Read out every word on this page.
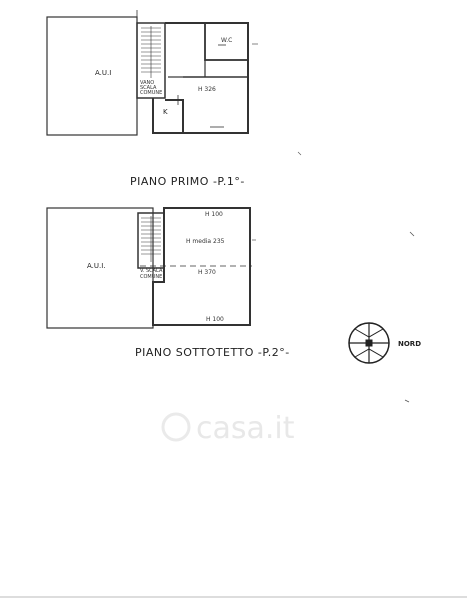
A.U.I
VANO
SCALA
COMUNE
W.C
K
H 326
PIANO PRIMO -P.1°-
A.U.I.
V. SCALA
COMUNE
H 100
H media 235
H 370
H 100
PIANO SOTTOTETTO -P.2°-
NORD
casa.it
